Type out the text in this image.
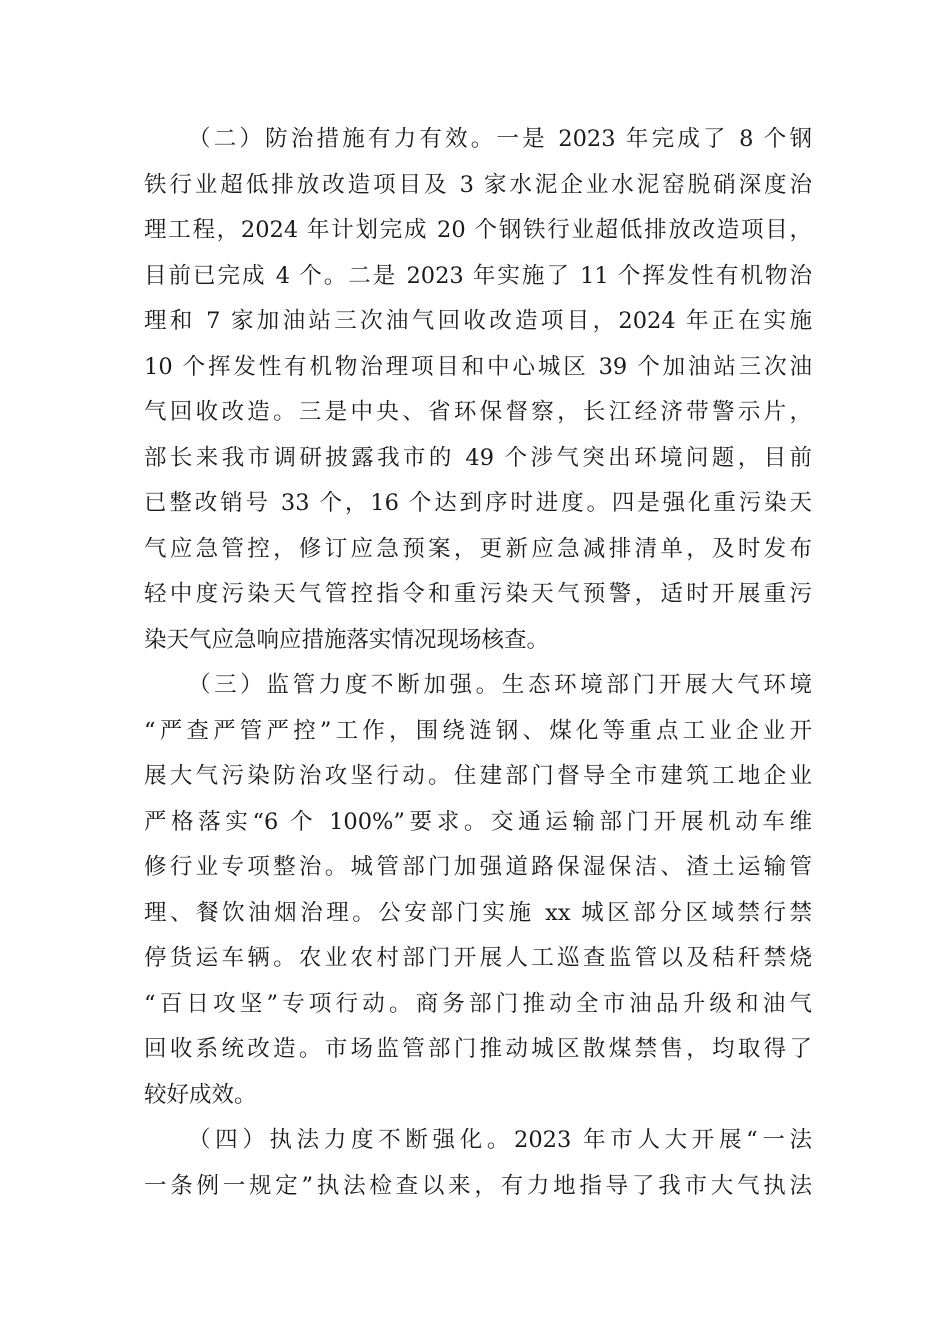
（二）防治措施有力有效。一是 2023 年完成了 8 个钢
铁行业超低排放改造项目及 3 家水泥企业水泥窑脱硝深度治
理工程，2024 年计划完成 20 个钢铁行业超低排放改造项目，
目前已完成 4 个。二是 2023 年实施了 11 个挥发性有机物治
理和 7 家加油站三次油气回收改造项目，2024 年正在实施
10 个挥发性有机物治理项目和中心城区 39 个加油站三次油
气回收改造。三是中央、省环保督察，长江经济带警示片，
部长来我市调研披露我市的 49 个涉气突出环境问题，目前
已整改销号 33 个，16 个达到序时进度。四是强化重污染天
气应急管控，修订应急预案，更新应急减排清单，及时发布
轻中度污染天气管控指令和重污染天气预警，适时开展重污
染天气应急响应措施落实情况现场核查。
（三）监管力度不断加强。生态环境部门开展大气环境
“严查严管严控”工作，围绕涟钢、煤化等重点工业企业开
展大气污染防治攻坚行动。住建部门督导全市建筑工地企业
严格落实“6 个 100%”要求。交通运输部门开展机动车维
修行业专项整治。城管部门加强道路保湿保洁、渣土运输管
理、餐饮油烟治理。公安部门实施 xx 城区部分区域禁行禁
停货运车辆。农业农村部门开展人工巡查监管以及秸秆禁烧
“百日攻坚”专项行动。商务部门推动全市油品升级和油气
回收系统改造。市场监管部门推动城区散煤禁售，均取得了
较好成效。
（四）执法力度不断强化。2023 年市人大开展“一法
一条例一规定”执法检查以来，有力地指导了我市大气执法
